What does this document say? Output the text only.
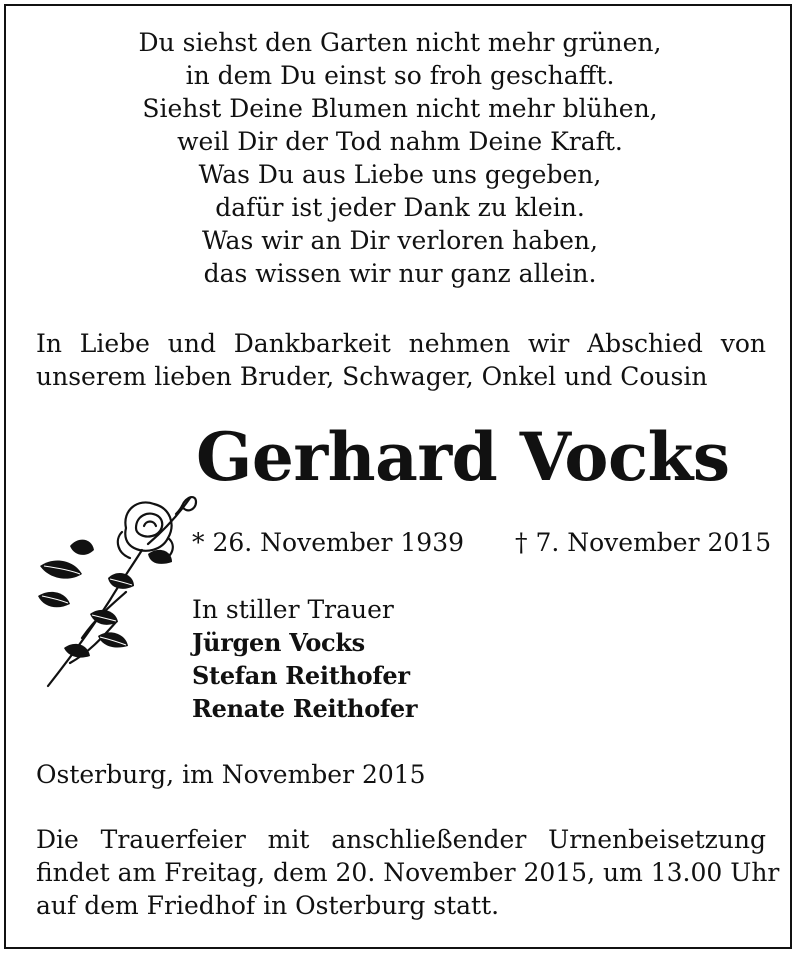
Du siehst den Garten nicht mehr grünen,
in dem Du einst so froh geschafft.
Siehst Deine Blumen nicht mehr blühen,
weil Dir der Tod nahm Deine Kraft.
Was Du aus Liebe uns gegeben,
dafür ist jeder Dank zu klein.
Was wir an Dir verloren haben,
das wissen wir nur ganz allein.
In Liebe und Dankbarkeit nehmen wir Abschied von
unserem lieben Bruder, Schwager, Onkel und Cousin
Gerhard Vocks
* 26. November 1939 † 7. November 2015
In stiller Trauer
Jürgen Vocks
Stefan Reithofer
Renate Reithofer
Osterburg, im November 2015
Die Trauerfeier mit anschließender Urnenbeisetzung
findet am Freitag, dem 20. November 2015, um 13.00 Uhr
auf dem Friedhof in Osterburg statt.
